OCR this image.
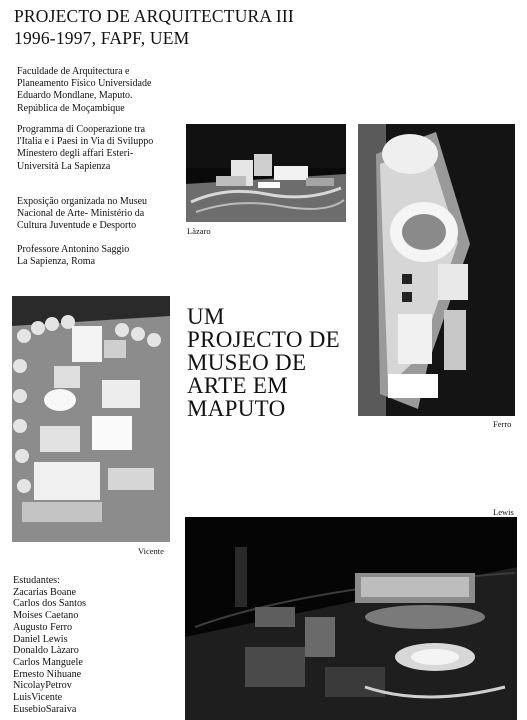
PROJECTO DE ARQUITECTURA III
1996-1997, FAPF, UEM
Faculdade de Arquitectura e
Planeamento Físico Universidade
Eduardo Mondlane, Maputo.
República de Moçambique
Programma di Cooperazione tra
l'Italia e i Paesi in Via di Sviluppo
Minestero degli affari Esteri-
Università La Sapienza
Exposição organizada no Museu
Nacional de Arte- Ministério da
Cultura Juventude e Desporto
Professore Antonino Saggio
La Sapienza, Roma
Làzaro
Ferro
Vicente
UM
PROJECTO DE
MUSEO DE
ARTE EM
MAPUTO
Lewis
Estudantes:
Zacarias Boane
Carlos dos Santos
Moises Caetano
Augusto Ferro
Daniel Lewis
Donaldo Làzaro
Carlos Manguele
Ernesto Nihuane
NicolayPetrov
LuisVicente
EusebioSaraiva
